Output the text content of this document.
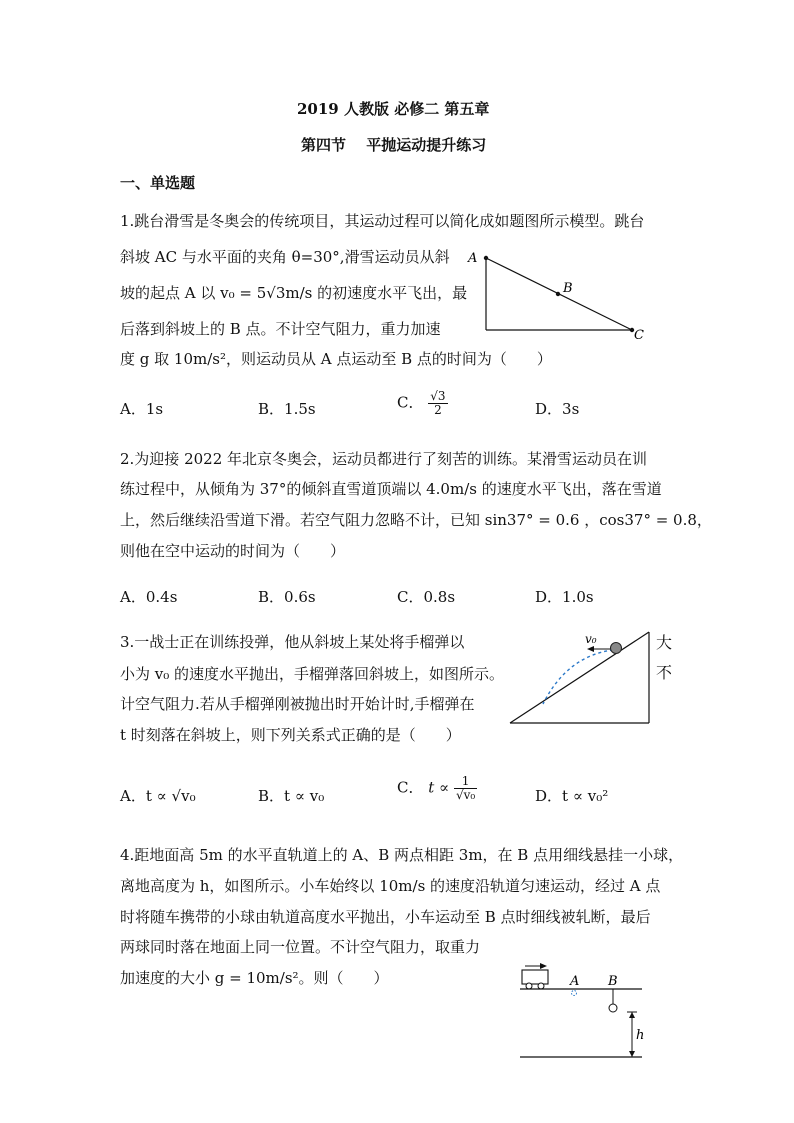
2019 人教版 必修二 第五章
第四节　 平抛运动提升练习
一、单选题
1.跳台滑雪是冬奥会的传统项目，其运动过程可以简化成如题图所示模型。跳台
斜坡 AC 与水平面的夹角 θ=30°,滑雪运动员从斜
坡的起点 A 以 v₀ = 5√3m/s 的初速度水平飞出，最
后落到斜坡上的 B 点。不计空气阻力，重力加速
度 g 取 10m/s²，则运动员从 A 点运动至 B 点的时间为（　　）
A
B
C
A．1s	B．1.5s	C． $\frac{√3}{2}$	D．3s
2.为迎接 2022 年北京冬奥会，运动员都进行了刻苦的训练。某滑雪运动员在训
练过程中，从倾角为 37°的倾斜直雪道顶端以 4.0m/s 的速度水平飞出，落在雪道
上，然后继续沿雪道下滑。若空气阻力忽略不计，已知 sin37° = 0.6 ，cos37° = 0.8，
则他在空中运动的时间为（　　）
A．0.4s	B．0.6s	C．0.8s	D．1.0s
3.一战士正在训练投弹，他从斜坡上某处将手榴弹以
小为 v₀ 的速度水平抛出，手榴弹落回斜坡上，如图所示。
计空气阻力.若从手榴弹刚被抛出时开始计时,手榴弹在
t 时刻落在斜坡上，则下列关系式正确的是（　　）
大
不
v₀
A．t ∝ √v₀	B．t ∝ v₀	C． $t \propto \frac{1}{\text{√v₀}}$	D．t ∝ v₀²
4.距地面高 5m 的水平直轨道上的 A、B 两点相距 3m，在 B 点用细线悬挂一小球，
离地高度为 h，如图所示。小车始终以 10m/s 的速度沿轨道匀速运动，经过 A 点
时将随车携带的小球由轨道高度水平抛出，小车运动至 B 点时细线被轧断，最后
两球同时落在地面上同一位置。不计空气阻力，取重力
加速度的大小 g = 10m/s²。则（　　）	A B
h
